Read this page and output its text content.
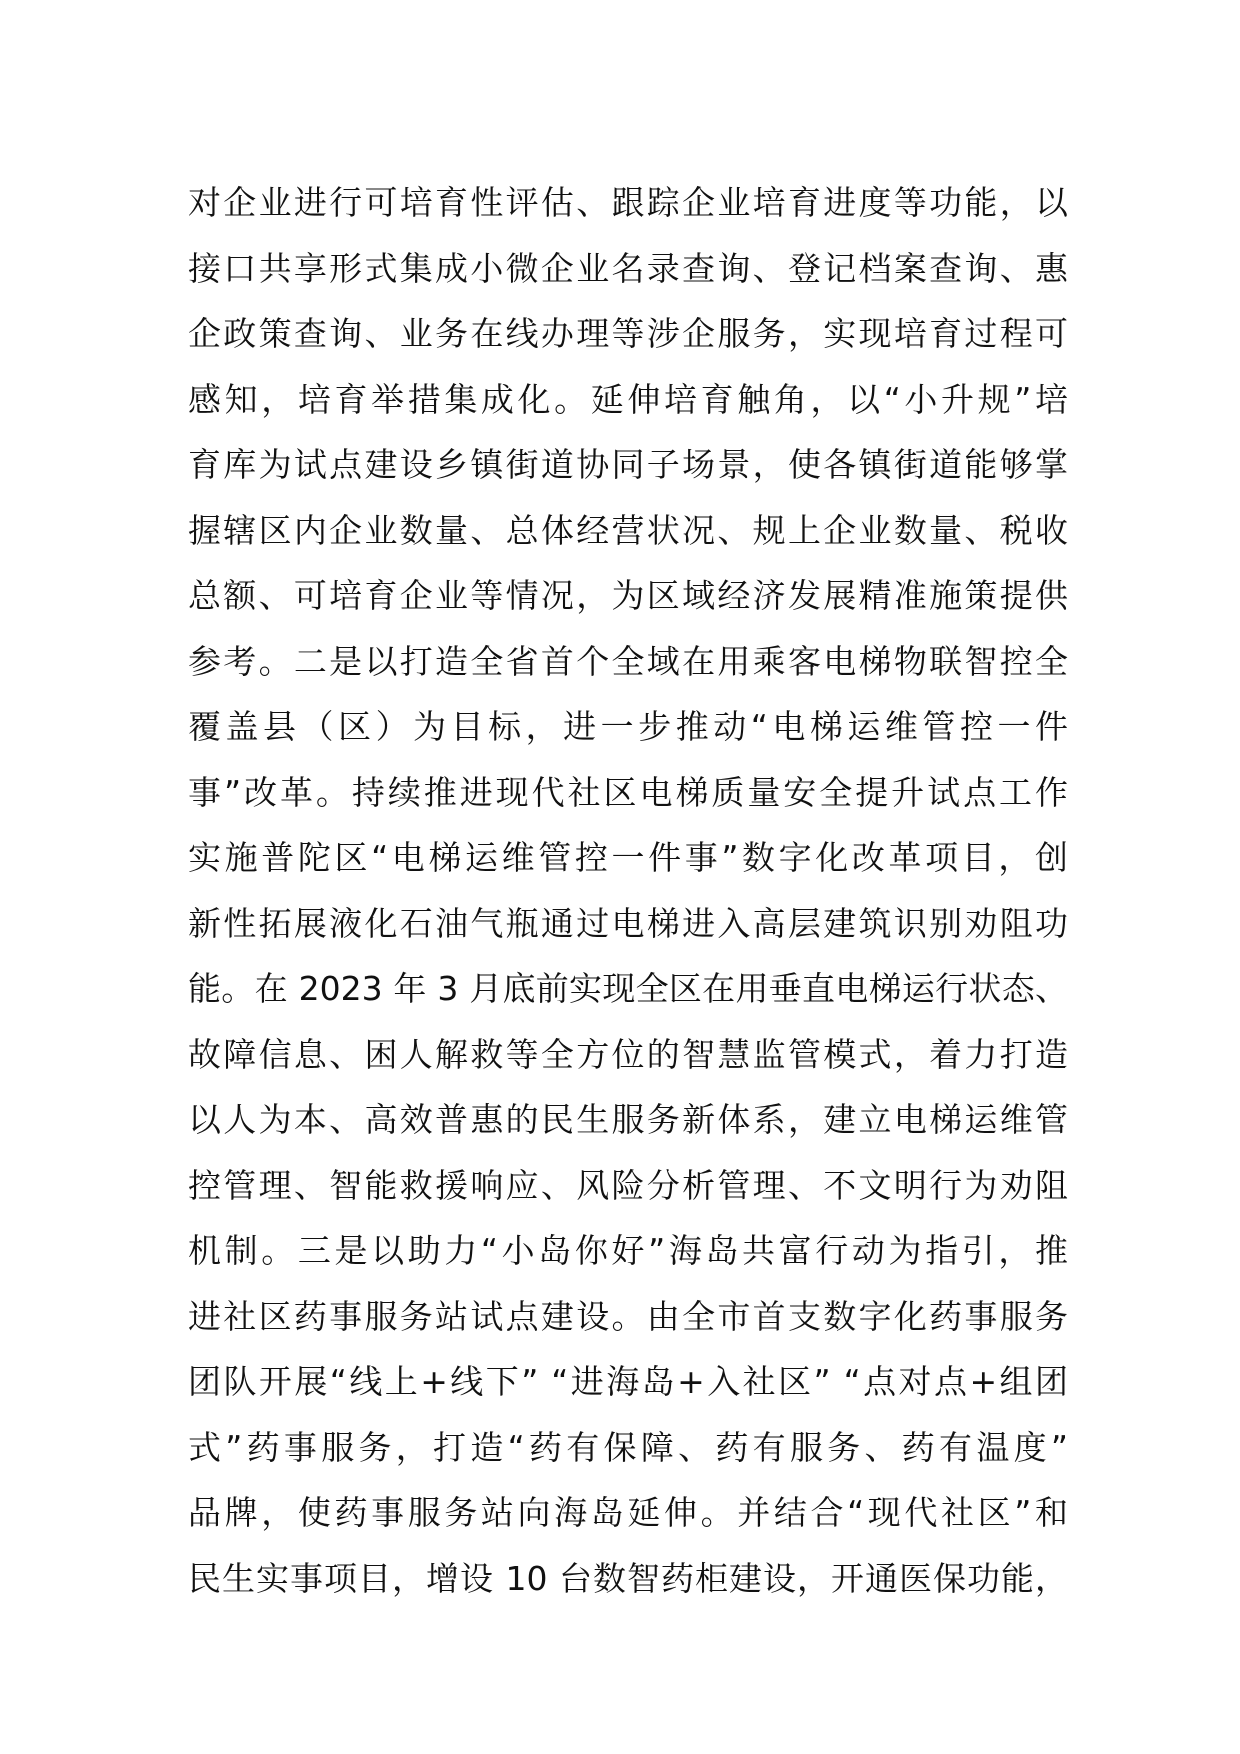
对企业进行可培育性评估、跟踪企业培育进度等功能，以
接口共享形式集成小微企业名录查询、登记档案查询、惠
企政策查询、业务在线办理等涉企服务，实现培育过程可
感知，培育举措集成化。延伸培育触角，以“小升规”培
育库为试点建设乡镇街道协同子场景，使各镇街道能够掌
握辖区内企业数量、总体经营状况、规上企业数量、税收
总额、可培育企业等情况，为区域经济发展精准施策提供
参考。二是以打造全省首个全域在用乘客电梯物联智控全
覆盖县（区）为目标，进一步推动“电梯运维管控一件
事”改革。持续推进现代社区电梯质量安全提升试点工作
实施普陀区“电梯运维管控一件事”数字化改革项目，创
新性拓展液化石油气瓶通过电梯进入高层建筑识别劝阻功
能。在 2023 年 3 月底前实现全区在用垂直电梯运行状态、
故障信息、困人解救等全方位的智慧监管模式，着力打造
以人为本、高效普惠的民生服务新体系，建立电梯运维管
控管理、智能救援响应、风险分析管理、不文明行为劝阻
机制。三是以助力“小岛你好”海岛共富行动为指引，推
进社区药事服务站试点建设。由全市首支数字化药事服务
团队开展“线上+线下” “进海岛+入社区” “点对点+组团
式”药事服务，打造“药有保障、药有服务、药有温度”
品牌，使药事服务站向海岛延伸。并结合“现代社区”和
民生实事项目，增设 10 台数智药柜建设，开通医保功能，
